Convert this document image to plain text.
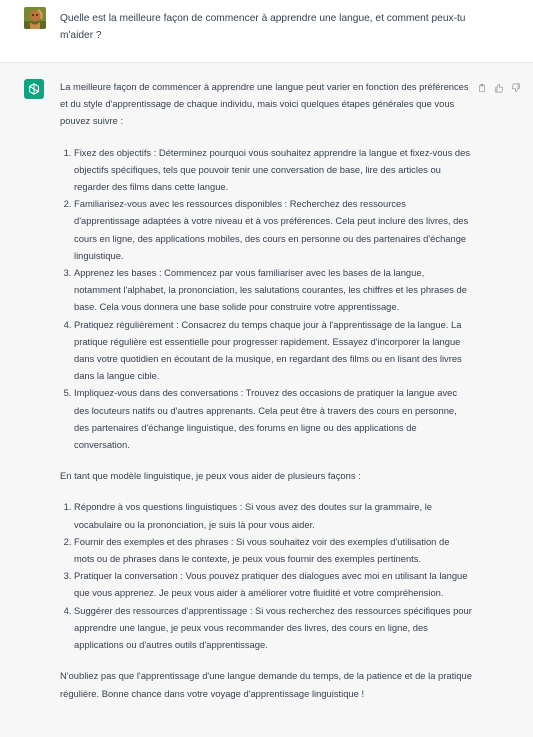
Quelle est la meilleure façon de commencer à apprendre une langue, et comment peux-tu m'aider ?

La meilleure façon de commencer à apprendre une langue peut varier en fonction des préférences et du style d'apprentissage de chaque individu, mais voici quelques étapes générales que vous pouvez suivre :

1. Fixez des objectifs : Déterminez pourquoi vous souhaitez apprendre la langue et fixez-vous des objectifs spécifiques, tels que pouvoir tenir une conversation de base, lire des articles ou regarder des films dans cette langue.
2. Familiarisez-vous avec les ressources disponibles : Recherchez des ressources d'apprentissage adaptées à votre niveau et à vos préférences. Cela peut inclure des livres, des cours en ligne, des applications mobiles, des cours en personne ou des partenaires d'échange linguistique.
3. Apprenez les bases : Commencez par vous familiariser avec les bases de la langue, notamment l'alphabet, la prononciation, les salutations courantes, les chiffres et les phrases de base. Cela vous donnera une base solide pour construire votre apprentissage.
4. Pratiquez régulièrement : Consacrez du temps chaque jour à l'apprentissage de la langue. La pratique régulière est essentielle pour progresser rapidement. Essayez d'incorporer la langue dans votre quotidien en écoutant de la musique, en regardant des films ou en lisant des livres dans la langue cible.
5. Impliquez-vous dans des conversations : Trouvez des occasions de pratiquer la langue avec des locuteurs natifs ou d'autres apprenants. Cela peut être à travers des cours en personne, des partenaires d'échange linguistique, des forums en ligne ou des applications de conversation.

En tant que modèle linguistique, je peux vous aider de plusieurs façons :

1. Répondre à vos questions linguistiques : Si vous avez des doutes sur la grammaire, le vocabulaire ou la prononciation, je suis là pour vous aider.
2. Fournir des exemples et des phrases : Si vous souhaitez voir des exemples d'utilisation de mots ou de phrases dans le contexte, je peux vous fournir des exemples pertinents.
3. Pratiquer la conversation : Vous pouvez pratiquer des dialogues avec moi en utilisant la langue que vous apprenez. Je peux vous aider à améliorer votre fluidité et votre compréhension.
4. Suggérer des ressources d'apprentissage : Si vous recherchez des ressources spécifiques pour apprendre une langue, je peux vous recommander des livres, des cours en ligne, des applications ou d'autres outils d'apprentissage.

N'oubliez pas que l'apprentissage d'une langue demande du temps, de la patience et de la pratique régulière. Bonne chance dans votre voyage d'apprentissage linguistique !
